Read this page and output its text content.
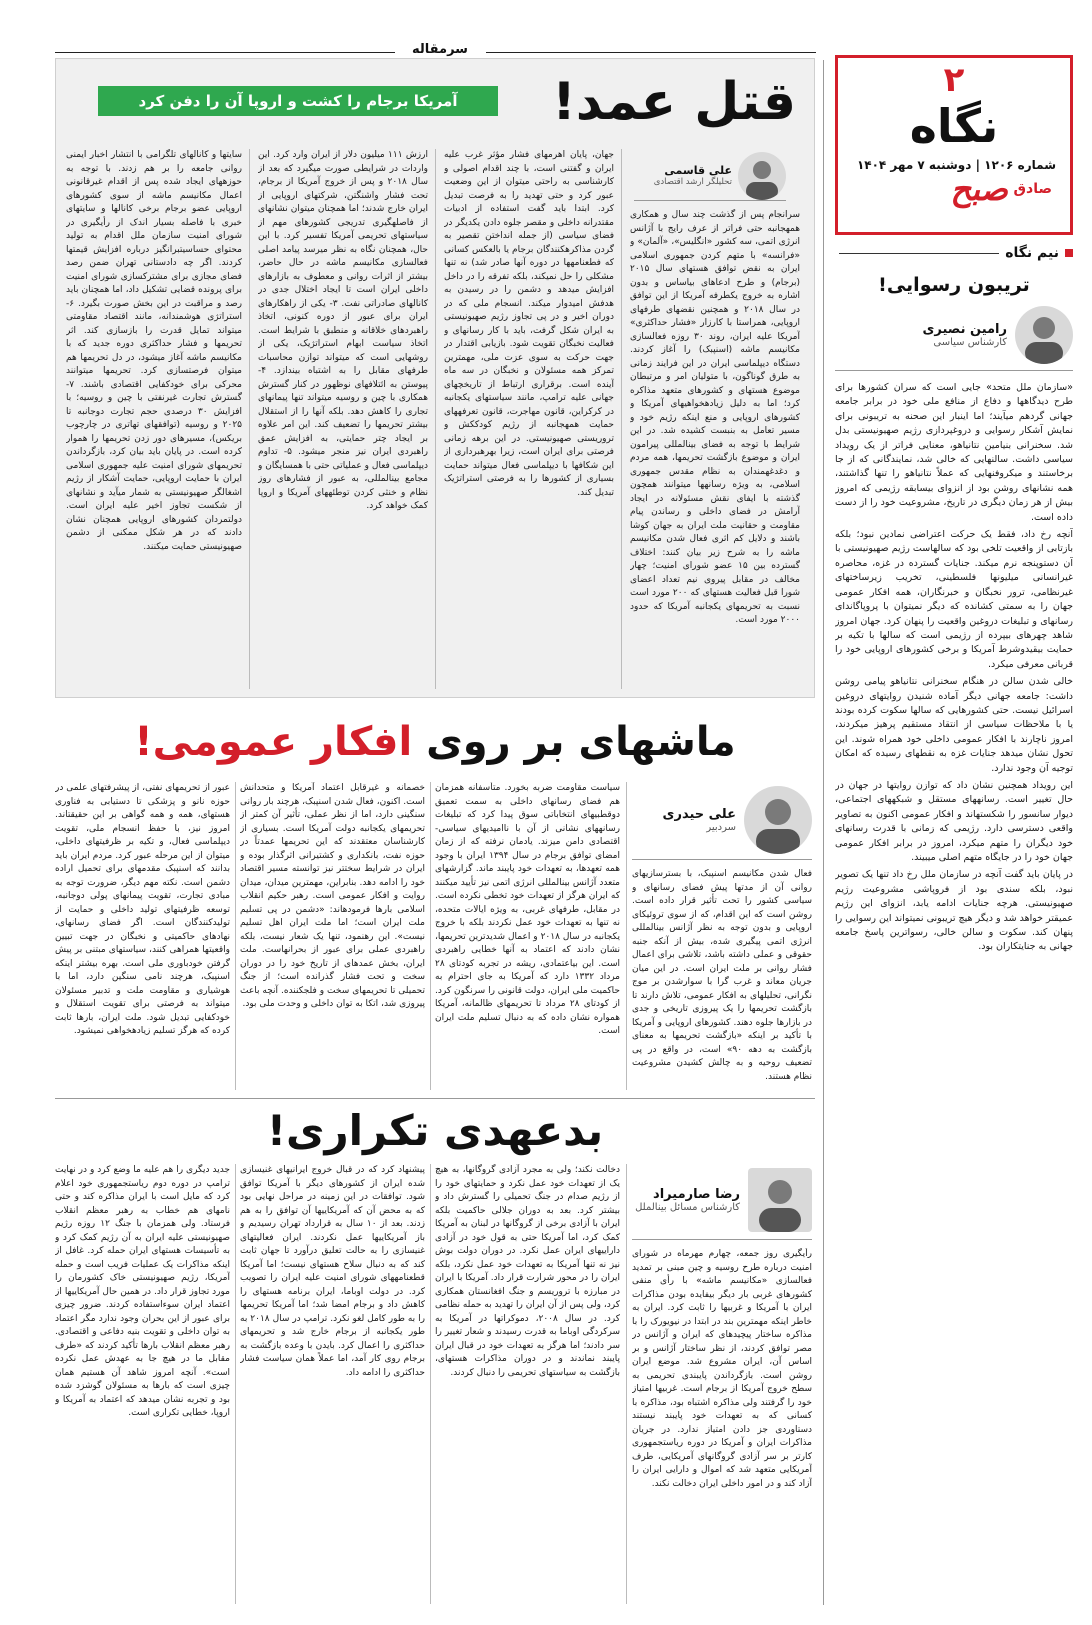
۲
نگاه
شماره ۱۲۰۶ | دوشنبه ۷ مهر ۱۴۰۴
صادق صبح
نیم نگاه
تریبون رسوایی!
رامین نصیری
کارشناس سیاسی

«سازمان ملل متحد» جایی است که سران کشورها برای طرح دیدگاهها و دفاع از منافع ملی خود در برابر جامعه جهانی گردهم میآیند؛ اما اینبار این صحنه به تریبونی برای نمایش آشکار رسوایی و دروغپردازی رژیم صهیونیستی بدل شد. سخنرانی بنیامین نتانیاهو، معنایی فراتر از یک رویداد سیاسی داشت. سالنهایی که خالی شد، نمایندگانی که از جا برخاستند و میکروفنهایی که عملاً نتانیاهو را تنها گذاشتند، همه نشانهای روشن بود از انزوای بیسابقه رژیمی که امروز بیش از هر زمان دیگری در تاریخ، مشروعیت خود را از دست داده است.

آنچه رخ داد، فقط یک حرکت اعتراضی نمادین نبود؛ بلکه بازتابی از واقعیت تلخی بود که سالهاست رژیم صهیونیستی با آن دستوپنجه نرم میکند. جنایات گسترده در غزه، محاصره غیرانسانی میلیونها فلسطینی، تخریب زیرساختهای غیرنظامی، ترور نخبگان و خبرنگاران، همه افکار عمومی جهان را به سمتی کشانده که دیگر نمیتوان با پروپاگاندای رسانهای و تبلیغات دروغین واقعیت را پنهان کرد. جهان امروز شاهد چهرهای بیپرده از رژیمی است که سالها با تکیه بر حمایت بیقیدوشرط آمریکا و برخی کشورهای اروپایی خود را قربانی معرفی میکرد.

خالی شدن سالن در هنگام سخنرانی نتانیاهو پیامی روشن داشت: جامعه جهانی دیگر آماده شنیدن روایتهای دروغین اسرائیل نیست. حتی کشورهایی که سالها سکوت کرده بودند یا با ملاحظات سیاسی از انتقاد مستقیم پرهیز میکردند، امروز ناچارند با افکار عمومی داخلی خود همراه شوند. این تحول نشان میدهد جنایات غزه به نقطهای رسیده که امکان توجیه آن وجود ندارد.

این رویداد همچنین نشان داد که توازن روایتها در جهان در حال تغییر است. رسانههای مستقل و شبکههای اجتماعی، دیوار سانسور را شکستهاند و افکار عمومی اکنون به تصاویر واقعی دسترسی دارد. رژیمی که زمانی با قدرت رسانهای خود دیگران را متهم میکرد، امروز در برابر افکار عمومی جهان خود را در جایگاه متهم اصلی میبیند.

در پایان باید گفت آنچه در سازمان ملل رخ داد تنها یک تصویر نبود، بلکه سندی بود از فروپاشی مشروعیت رژیم صهیونیستی. هرچه جنایات ادامه یابد، انزوای این رژیم عمیقتر خواهد شد و دیگر هیچ تریبونی نمیتواند این رسوایی را پنهان کند. سکوت و سالن خالی، رسواترین پاسخ جامعه جهانی به جنایتکاران بود.

سرمقاله
قتل عمد!
آمریکا برجام را کشت و اروپا آن را دفن کرد
علی قاسمی
تحلیلگر ارشد اقتصادی
سرانجام پس از گذشت چند سال و همکاری همهجانبه حتی فراتر از عرف رایج با آژانس انرژی اتمی، سه کشور «انگلیس»، «آلمان» و «فرانسه» با متهم کردن جمهوری اسلامی ایران به نقض توافق هستهای سال ۲۰۱۵ (برجام) و طرح ادعاهای بیاساس و بدون اشاره به خروج یکطرفه آمریکا از این توافق در سال ۲۰۱۸ و همچنین نقضهای طرفهای اروپایی، همراستا با کارزار «فشار حداکثری» آمریکا علیه ایران، روند ۳۰ روزه فعالسازی مکانیسم ماشه (اسنپبک) را آغاز کردند. دستگاه دیپلماسی ایران در این فرایند زمانی به طرق گوناگون، با متولیان امر و مرتبطان موضوع هستهای و کشورهای متعهد مذاکره کرد؛ اما به دلیل زیادهخواهیهای آمریکا و کشورهای اروپایی و منع اینکه رژیم خود و مسیر تعامل به بنبست کشیده شد. در این شرایط با توجه به فضای بینالمللی پیرامون ایران و موضوع بازگشت تحریمها، همه مردم و دغدغهمندان به نظام مقدس جمهوری اسلامی، به ویژه رسانهها میتوانند همچون گذشته با ایفای نقش مسئولانه در ایجاد آرامش در فضای داخلی و رساندن پیام مقاومت و حقانیت ملت ایران به جهان کوشا باشند و دلایل کم اثری فعال شدن مکانیسم ماشه را به شرح زیر بیان کنند: اختلاف گسترده بین ۱۵ عضو شورای امنیت؛ چهار مخالف در مقابل پیروی نیم تعداد اعضای شورا قبل فعالیت هستهای که ۲۰۰ مورد است نسبت به تحریمهای یکجانبه آمریکا که حدود ۲۰۰۰ مورد است.
جهان، پایان اهرمهای فشار مؤثر غرب علیه ایران و گفتنی است، با چند اقدام اصولی و کارشناسی به راحتی میتوان از این وضعیت عبور کرد و حتی تهدید را به فرصت تبدیل کرد. ابتدا باید گفت استفاده از ادبیات مقتدرانه داخلی و مقصر جلوه دادن یکدیگر در فضای سیاسی (از جمله انداختن تقصیر به گردن مذاکرهکنندگان برجام یا بالعکس کسانی که فطعنامهها در دوره آنها صادر شد) نه تنها مشکلی را حل نمیکند، بلکه تفرقه را در داخل افزایش میدهد و دشمن را در رسیدن به هدفش امیدوار میکند. انسجام ملی که در دوران اخیر و در پی تجاوز رژیم صهیونیستی به ایران شکل گرفت، باید با کار رسانهای و فعالیت نخبگان تقویت شود. بازیابی اقتدار در جهت حرکت به سوی عزت ملی، مهمترین تمرکز همه مسئولان و نخبگان در سه ماه آینده است. برقراری ارتباط از تاریخچهای جهانی علیه ترامپ، مانند سیاستهای یکجانبه در کرکراین، قانون مهاجرت، قانون تعرفههای حمایت همهجانبه از رژیم کودککش و تروریستی صهیونیستی. در این برهه زمانی فرصتی برای ایران است، زیرا بهرهبرداری از این شکافها با دیپلماسی فعال میتواند حمایت بسیاری از کشورها را به فرصتی استراتژیک تبدیل کند.
ارزش ۱۱۱ میلیون دلار از ایران وارد کرد. این واردات در شرایطی صورت میگیرد که بعد از سال ۲۰۱۸ و پس از خروج آمریکا از برجام، تحت فشار واشنگتن، شرکتهای اروپایی از ایران خارج شدند؛ اما همچنان میتوان نشانهای از فاصلهگیری تدریجی کشورهای مهم از سیاستهای تحریمی آمریکا تفسیر کرد. با این حال، همچنان نگاه به نظر میرسد پیامد اصلی فعالسازی مکانیسم ماشه در حال حاضر، بیشتر از اثرات روانی و معطوف به بازارهای داخلی ایران است تا ایجاد اختلال جدی در کانالهای صادراتی نفت. ۳- یکی از راهکارهای ایران برای عبور از دوره کنونی، اتخاذ راهبردهای خلاقانه و منطبق با شرایط است. اتخاذ سیاست ابهام استراتژیک، یکی از روشهایی است که میتواند توازن محاسبات طرفهای مقابل را به اشتباه بیندازد. ۴- پیوستن به ائتلافهای نوظهور در کنار گسترش همکاری با چین و روسیه میتواند تنها پیمانهای تجاری را کاهش دهد. بلکه آنها را از استقلال بیشتر تحریمها را تضعیف کند. این امر علاوه بر ایجاد چتر حمایتی، به افزایش عمق راهبردی ایران نیز منجر میشود. ۵- تداوم دیپلماسی فعال و عملیاتی حتی با همسایگان و مجامع بینالمللی، به عبور از فشارهای روز نظام و خنثی کردن توطئههای آمریکا و اروپا کمک خواهد کرد.
سایتها و کانالهای تلگرامی با انتشار اخبار ایمنی روانی جامعه را بر هم زدند. با توجه به حوزههای ایجاد شده پس از اقدام غیرقانونی اعمال مکانیسم ماشه از سوی کشورهای اروپایی عضو برجام برخی کانالها و سایتهای خبری با فاصله بسیار اندک از رأیگیری در شورای امنیت سازمان ملل اقدام به تولید محتوای حساسیتبرانگیز درباره افزایش قیمتها کردند. اگر چه دادستانی تهران ضمن رصد فضای مجازی برای مشترکسازی شورای امنیت برای پرونده قضایی تشکیل داد، اما همچنان باید رصد و مراقبت در این بخش صورت بگیرد. ۶- استراتژی هوشمندانه، مانند اقتصاد مقاومتی میتواند تمایل قدرت را بازسازی کند. اثر تحریمها و فشار حداکثری دوره جدید که با مکانیسم ماشه آغاز میشود، در دل تحریمها هم میتوان فرصتسازی کرد. تحریمها میتوانند محرکی برای خودکفایی اقتصادی باشند. ۷- گسترش تجارت غیرنفتی با چین و روسیه؛ با افزایش ۳۰ درصدی حجم تجارت دوجانبه تا ۲۰۲۵ و روسیه (توافقهای تهاتری در چارچوب بریکس)، مسیرهای دور زدن تحریمها را هموار کرده است. در پایان باید بیان کرد، بازگرداندن تحریمهای شورای امنیت علیه جمهوری اسلامی ایران با حمایت اروپایی، حمایت آشکار از رژیم اشغالگر صهیونیستی به شمار میآید و نشانهای از شکست تجاوز اخیر علیه ایران است. دولتمردان کشورهای اروپایی همچنان نشان دادند که در هر شکل ممکنی از دشمن صهیونیستی حمایت میکنند.
ماشهای بر روی افکار عمومی!
علی حیدری
سردبیر
فعال شدن مکانیسم اسنپبک، با بسترسازیهای روانی آن از مدتها پیش فضای رسانهای و سیاسی کشور را تحت تأثیر قرار داده است. روشن است که این اقدام، که از سوی تروئیکای اروپایی و بدون توجه به نظر آژانس بینالمللی انرژی اتمی پیگیری شده، بیش از آنکه جنبه حقوقی و عملی داشته باشد، تلاشی برای اعمال فشار روانی بر ملت ایران است. در این میان جریان معاند و غرب گرا با سوارشدن بر موج نگرانی، تحلیلهای به افکار عمومی، تلاش دارند تا بازگشت تحریمها را یک پیروزی تاریخی و جدی در بازارها جلوه دهند. کشورهای اروپایی و آمریکا با تأکید بر اینکه «بازگشت تحریمها به معنای بازگشت به دهه ۹۰» است، در واقع در پی تضعیف روحیه و به چالش کشیدن مشروعیت نظام هستند.
سیاست مقاومت ضربه بخورد. متأسفانه همزمان هم فضای رسانهای داخلی به سمت تعمیق دوقطبیهای انتخاباتی سوق پیدا کرد که تبلیغات رسانههای نشانی از آن با ناامیدیهای سیاسی-اقتصادی دامن میزند. یادمان نرفته که از زمان امضای توافق برجام در سال ۱۳۹۴ ایران با وجود همه تعهدها، به تعهدات خود پایبند ماند. گزارشهای متعدد آژانس بینالمللی انرژی اتمی نیز تأیید میکنند که ایران هرگز از تعهدات خود تخطی نکرده است. در مقابل، طرفهای غربی، به ویژه ایالات متحده، نه تنها به تعهدات خود عمل نکردند بلکه با خروج یکجانبه در سال ۲۰۱۸ و اعمال شدیدترین تحریمها، نشان دادند که اعتماد به آنها خطایی راهبردی است. این بیاعتمادی، ریشه در تجربه کودتای ۲۸ مرداد ۱۳۳۲ دارد که آمریکا به جای احترام به حاکمیت ملی ایران، دولت قانونی را سرنگون کرد. از کودتای ۲۸ مرداد تا تحریمهای ظالمانه، آمریکا همواره نشان داده که به دنبال تسلیم ملت ایران است.
خصمانه و غیرقابل اعتماد آمریکا و متحدانش است. اکنون، فعال شدن اسنپبک، هرچند بار روانی سنگینی دارد، اما از نظر عملی، تأثیر آن کمتر از تحریمهای یکجانبه دولت آمریکا است. بسیاری از کارشناسان معتقدند که این تحریمها عمدتاً در حوزه نفت، بانکداری و کشتیرانی اثرگذار بوده و ایران در شرایط سختتر نیز توانسته مسیر اقتصاد خود را ادامه دهد. بنابراین، مهمترین میدان، میدان روایت و افکار عمومی است. رهبر حکیم انقلاب اسلامی بارها فرمودهاند: «دشمن در پی تسلیم ملت ایران است؛ اما ملت ایران اهل تسلیم نیست». این رهنمود، تنها یک شعار نیست، بلکه راهبردی عملی برای عبور از بحرانهاست. ملت ایران، بخش عمدهای از تاریخ خود را در دوران سخت و تحت فشار گذرانده است؛ از جنگ تحمیلی تا تحریمهای سخت و فلجکننده. آنچه باعث پیروزی شد، اتکا به توان داخلی و وحدت ملی بود.
عبور از تحریمهای نفتی، از پیشرفتهای علمی در حوزه نانو و پزشکی تا دستیابی به فناوری هستهای، همه و همه گواهی بر این حقیقتاند. امروز نیز، با حفظ انسجام ملی، تقویت دیپلماسی فعال، و تکیه بر ظرفیتهای داخلی، میتوان از این مرحله عبور کرد. مردم ایران باید بدانند که اسنپبک مقدمهای برای تحمیل اراده دشمن است. نکته مهم دیگر، ضرورت توجه به مبادی تجارت، تقویت پیمانهای پولی دوجانبه، توسعه ظرفیتهای تولید داخلی و حمایت از تولیدکنندگان است. اگر فضای رسانهای، نهادهای حاکمیتی و نخبگان در جهت تبیین واقعیتها همراهی کنند، سیاستهای مبتنی بر پیش گرفتن خودباوری ملی است. بهره بیشتر اینکه اسنپبک، هرچند نامی سنگین دارد، اما با هوشیاری و مقاومت ملت و تدبیر مسئولان میتواند به فرصتی برای تقویت استقلال و خودکفایی تبدیل شود. ملت ایران، بارها ثابت کرده که هرگز تسلیم زیادهخواهی نمیشود.
بدعهدی تکراری!
رضا صارمیراد
کارشناس مسائل بینالملل
رأیگیری روز جمعه، چهارم مهرماه در شورای امنیت درباره طرح روسیه و چین مبنی بر تمدید فعالسازی «مکانیسم ماشه» با رأی منفی کشورهای غربی بار دیگر بیفایده بودن مذاکرات ایران با آمریکا و غربیها را ثابت کرد. ایران به خاطر اینکه مهمترین بند در ابتدا در نیویورک را با مذاکره ساختار پیچیدهای که ایران و آژانس در مصر توافق کردند، از نظر ساختار آژانس و بر اساس آن، ایران مشروع شد. موضع ایران روشن است. بازگرداندن پایبندی تحریمی به سطح خروج آمریکا از برجام است. غربیها امتیاز خود را گرفتند ولی مذاکره اشتباه بود، مذاکره با کسانی که به تعهدات خود پایبند نیستند دستاوردی جز دادن امتیاز ندارد. در جریان مذاکرات ایران و آمریکا در دوره ریاستجمهوری کارتر بر سر آزادی گروگانهای آمریکایی، طرف آمریکایی متعهد شد که اموال و دارایی ایران را آزاد کند و در امور داخلی ایران دخالت نکند.
دخالت نکند؛ ولی به مجرد آزادی گروگانها، به هیچ یک از تعهدات خود عمل نکرد و حمایتهای خود را از رژیم صدام در جنگ تحمیلی را گسترش داد و بیشتر کرد. بعد به دوران جلالی حاکمیت بلکه ایران با آزادی برخی از گروگانها در لبنان به آمریکا کمک کرد، اما آمریکا حتی به قول خود در آزادی داراییهای ایران عمل نکرد. در دوران دولت بوش نیز نه تنها آمریکا به تعهدات خود عمل نکرد، بلکه ایران را در محور شرارت قرار داد. آمریکا با ایران در مبارزه با تروریسم و جنگ افغانستان همکاری کرد، ولی پس از آن ایران را تهدید به حمله نظامی کرد. در سال ۲۰۰۸، دموکراتها در آمریکا به سرکردگی اوباما به قدرت رسیدند و شعار تغییر را سر دادند؛ اما هرگز به تعهدات خود در قبال ایران پایبند نماندند و در دوران مذاکرات هستهای، بازگشت به سیاستهای تحریمی را دنبال کردند.
پیشنهاد کرد که در قبال خروج ایرانیهای غنیسازی شده ایران از کشورهای دیگر با آمریکا توافق شود. توافقات در این زمینه در مراحل نهایی بود که به محض آن که آمریکاییها آن توافق را به هم زدند. بعد از ۱۰ سال به قرارداد تهران رسیدیم و باز آمریکاییها عمل نکردند. ایران فعالیتهای غنیسازی را به حالت تعلیق درآورد تا جهان ثابت کند که به دنبال سلاح هستهای نیست؛ اما آمریکا قطعنامههای شورای امنیت علیه ایران را تصویب کرد. در دولت اوباما، ایران برنامه هستهای را کاهش داد و برجام امضا شد؛ اما آمریکا تحریمها را به طور کامل لغو نکرد. ترامپ در سال ۲۰۱۸ به طور یکجانبه از برجام خارج شد و تحریمهای حداکثری را اعمال کرد. بایدن با وعده بازگشت به برجام روی کار آمد، اما عملاً همان سیاست فشار حداکثری را ادامه داد.
جدید دیگری را هم علیه ما وضع کرد و در نهایت ترامپ در دوره دوم ریاستجمهوری خود اعلام کرد که مایل است با ایران مذاکره کند و حتی نامهای هم خطاب به رهبر معظم انقلاب فرستاد. ولی همزمان با جنگ ۱۲ روزه رژیم صهیونیستی علیه ایران به آن رژیم کمک کرد و به تأسیسات هستهای ایران حمله کرد. غافل از اینکه مذاکرات یک عملیات فریب است و حمله آمریکا، رژیم صهیونیستی خاک کشورمان را مورد تجاوز قرار داد. در همین حال آمریکاییها از اعتماد ایران سوءاستفاده کردند. ضرور چیزی برای عبور از این بحران وجود ندارد مگر اعتماد به توان داخلی و تقویت بنیه دفاعی و اقتصادی. رهبر معظم انقلاب بارها تأکید کردند که «طرف مقابل ما در هیچ جا به عهدش عمل نکرده است». آنچه امروز شاهد آن هستیم همان چیزی است که بارها به مسئولان گوشزد شده بود و تجربه نشان میدهد که اعتماد به آمریکا و اروپا، خطایی تکراری است.
